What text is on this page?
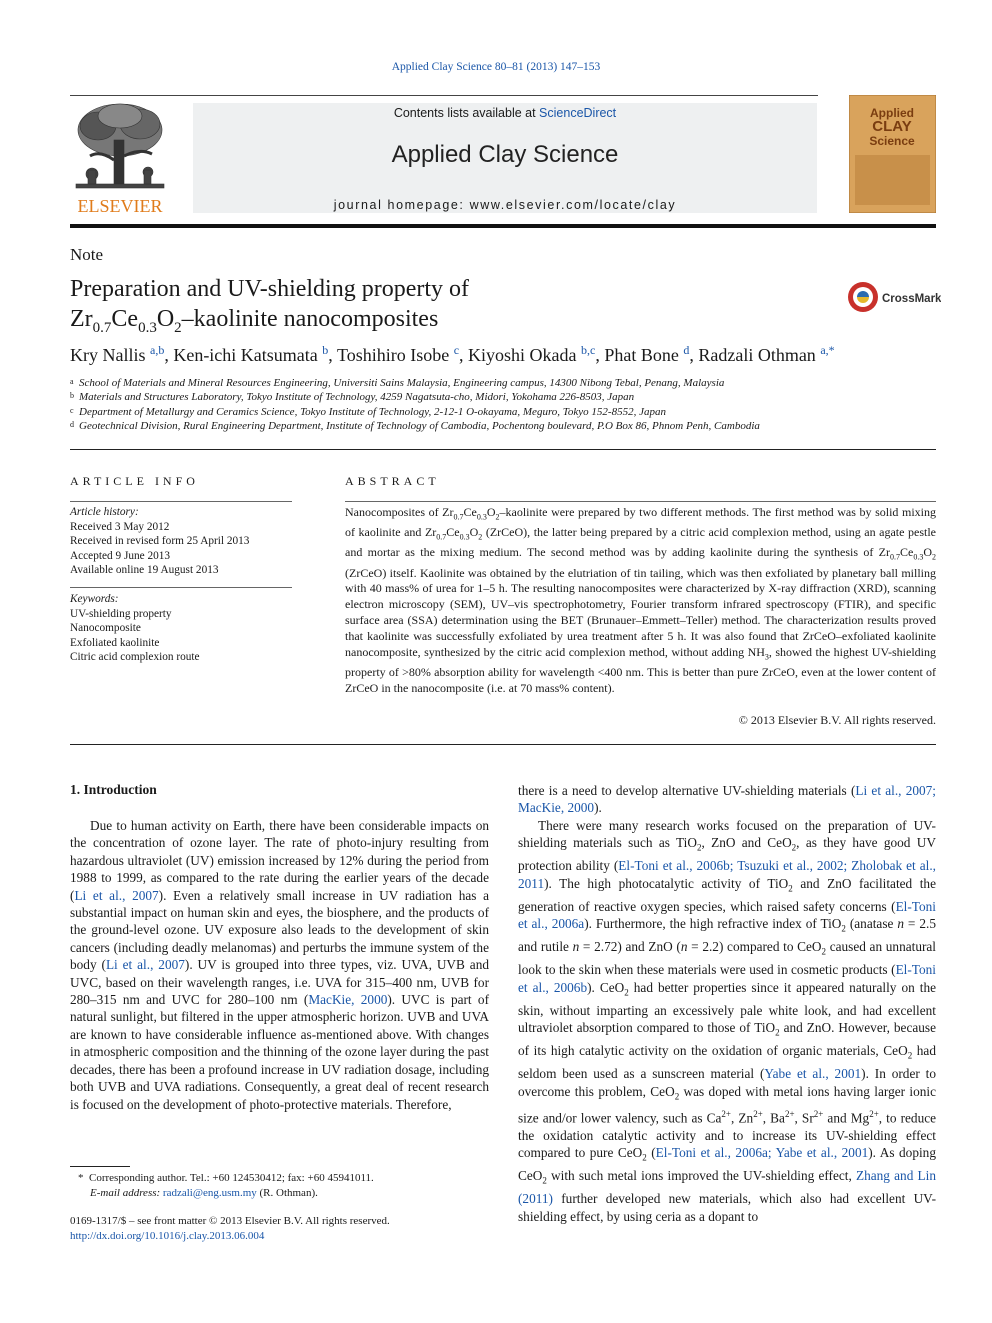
Applied Clay Science 80–81 (2013) 147–153
ELSEVIER
Contents lists available at ScienceDirect
Applied Clay Science
journal homepage: www.elsevier.com/locate/clay
Applied
CLAY
Science
Note
Preparation and UV-shielding property of
$Zr_{0.7}Ce_{0.3}O_2$–kaolinite nanocomposites
CrossMark
Kry Nallis $^{a,b}$, Ken-ichi Katsumata $^b$, Toshihiro Isobe $^c$, Kiyoshi Okada $^{b,c}$, Phat Bone $^d$, Radzali Othman $^{a,*}$
a School of Materials and Mineral Resources Engineering, Universiti Sains Malaysia, Engineering campus, 14300 Nibong Tebal, Penang, Malaysia
b Materials and Structures Laboratory, Tokyo Institute of Technology, 4259 Nagatsuta-cho, Midori, Yokohama 226-8503, Japan
c Department of Metallurgy and Ceramics Science, Tokyo Institute of Technology, 2-12-1 O-okayama, Meguro, Tokyo 152-8552, Japan
d Geotechnical Division, Rural Engineering Department, Institute of Technology of Cambodia, Pochentong boulevard, P.O Box 86, Phnom Penh, Cambodia
ARTICLE INFO
Article history:
Received 3 May 2012
Received in revised form 25 April 2013
Accepted 9 June 2013
Available online 19 August 2013
Keywords:
UV-shielding property
Nanocomposite
Exfoliated kaolinite
Citric acid complexion route
ABSTRACT
Nanocomposites of $Zr_{0.7}Ce_{0.3}O_2$–kaolinite were prepared by two different methods. The first method was by solid mixing of kaolinite and $Zr_{0.7}Ce_{0.3}O_2$ (ZrCeO), the latter being prepared by a citric acid complexion method, using an agate pestle and mortar as the mixing medium. The second method was by adding kaolinite during the synthesis of $Zr_{0.7}Ce_{0.3}O_2$ (ZrCeO) itself. Kaolinite was obtained by the elutriation of tin tailing, which was then exfoliated by planetary ball milling with 40 mass% of urea for 1–5 h. The resulting nanocomposites were characterized by X-ray diffraction (XRD), scanning electron microscopy (SEM), UV–vis spectrophotometry, Fourier transform infrared spectroscopy (FTIR), and specific surface area (SSA) determination using the BET (Brunauer–Emmett–Teller) method. The characterization results proved that kaolinite was successfully exfoliated by urea treatment after 5 h. It was also found that ZrCeO–exfoliated kaolinite nanocomposite, synthesized by the citric acid complexion method, without adding $NH_3$, showed the highest UV-shielding property of >80% absorption ability for wavelength <400 nm. This is better than pure ZrCeO, even at the lower content of ZrCeO in the nanocomposite (i.e. at 70 mass% content).
© 2013 Elsevier B.V. All rights reserved.
1. Introduction

Due to human activity on Earth, there have been considerable impacts on the concentration of ozone layer. The rate of photo-injury resulting from hazardous ultraviolet (UV) emission increased by 12% during the period from 1988 to 1999, as compared to the rate during the earlier years of the decade (Li et al., 2007). Even a relatively small increase in UV radiation has a substantial impact on human skin and eyes, the biosphere, and the products of the ground-level ozone. UV exposure also leads to the development of skin cancers (including deadly melanomas) and perturbs the immune system of the body (Li et al., 2007). UV is grouped into three types, viz. UVA, UVB and UVC, based on their wavelength ranges, i.e. UVA for 315–400 nm, UVB for 280–315 nm and UVC for 280–100 nm (MacKie, 2000). UVC is part of natural sunlight, but filtered in the upper atmospheric horizon. UVB and UVA are known to have considerable influence as-mentioned above. With changes in atmospheric composition and the thinning of the ozone layer during the past decades, there has been a profound increase in UV radiation dosage, including both UVB and UVA radiations. Consequently, a great deal of recent research is focused on the development of photo-protective materials. Therefore,

there is a need to develop alternative UV-shielding materials (Li et al., 2007; MacKie, 2000).

There were many research works focused on the preparation of UV-shielding materials such as TiO$_2$, ZnO and CeO$_2$, as they have good UV protection ability (El-Toni et al., 2006b; Tsuzuki et al., 2002; Zholobak et al., 2011). The high photocatalytic activity of TiO$_2$ and ZnO facilitated the generation of reactive oxygen species, which raised safety concerns (El-Toni et al., 2006a). Furthermore, the high refractive index of TiO$_2$ (anatase n = 2.5 and rutile n = 2.72) and ZnO (n = 2.2) compared to CeO$_2$ caused an unnatural look to the skin when these materials were used in cosmetic products (El-Toni et al., 2006b). CeO$_2$ had better properties since it appeared naturally on the skin, without imparting an excessively pale white look, and had excellent ultraviolet absorption compared to those of TiO$_2$ and ZnO. However, because of its high catalytic activity on the oxidation of organic materials, CeO$_2$ had seldom been used as a sunscreen material (Yabe et al., 2001). In order to overcome this problem, CeO$_2$ was doped with metal ions having larger ionic size and/or lower valency, such as $Ca^{2+}$, $Zn^{2+}$, $Ba^{2+}$, $Sr^{2+}$ and $Mg^{2+}$, to reduce the oxidation catalytic activity and to increase its UV-shielding effect compared to pure CeO$_2$ (El-Toni et al., 2006a; Yabe et al., 2001). As doping CeO$_2$ with such metal ions improved the UV-shielding effect, Zhang and Lin (2011) further developed new materials, which also had excellent UV-shielding effect, by using ceria as a dopant to

*  Corresponding author. Tel.: +60 124530412; fax: +60 45941011.
E-mail address: radzali@eng.usm.my (R. Othman).
0169-1317/$ – see front matter © 2013 Elsevier B.V. All rights reserved.
http://dx.doi.org/10.1016/j.clay.2013.06.004
